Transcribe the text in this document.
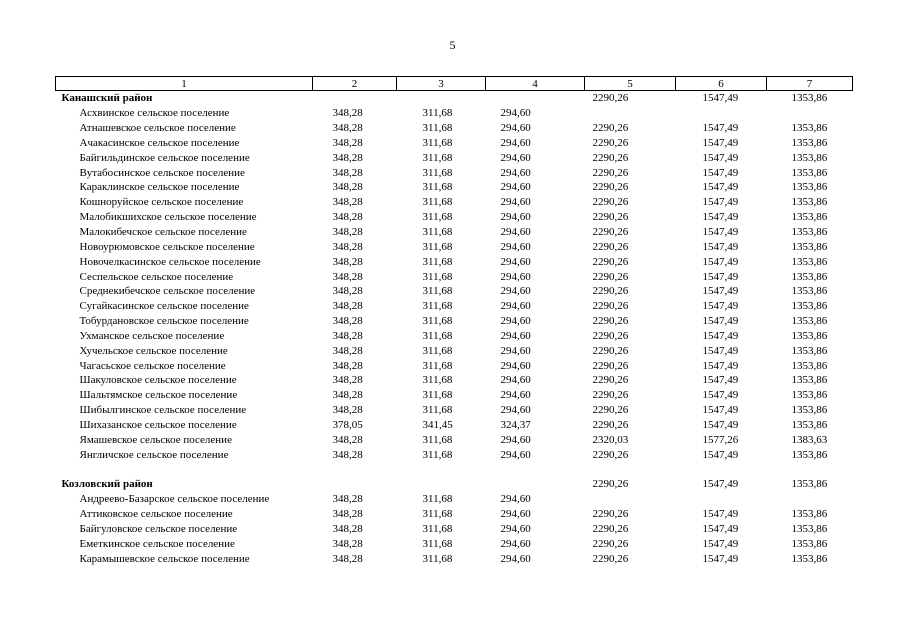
5
1	2	3	4	5	6	7
Канашский район				2290,26	1547,49	1353,86
Асхвинское сельское поселение	348,28	311,68	294,60			
Атнашевское сельское поселение	348,28	311,68	294,60	2290,26	1547,49	1353,86
Ачакасинское сельское поселение	348,28	311,68	294,60	2290,26	1547,49	1353,86
Байгильдинское сельское поселение	348,28	311,68	294,60	2290,26	1547,49	1353,86
Вутабосинское сельское поселение	348,28	311,68	294,60	2290,26	1547,49	1353,86
Караклинское сельское поселение	348,28	311,68	294,60	2290,26	1547,49	1353,86
Кошноруйское сельское поселение	348,28	311,68	294,60	2290,26	1547,49	1353,86
Малобикшихское сельское поселение	348,28	311,68	294,60	2290,26	1547,49	1353,86
Малокибечское сельское поселение	348,28	311,68	294,60	2290,26	1547,49	1353,86
Новоурюмовское сельское поселение	348,28	311,68	294,60	2290,26	1547,49	1353,86
Новочелкасинское сельское поселение	348,28	311,68	294,60	2290,26	1547,49	1353,86
Сеспельское сельское поселение	348,28	311,68	294,60	2290,26	1547,49	1353,86
Среднекибечское сельское поселение	348,28	311,68	294,60	2290,26	1547,49	1353,86
Сугайкасинское сельское поселение	348,28	311,68	294,60	2290,26	1547,49	1353,86
Тобурдановское сельское поселение	348,28	311,68	294,60	2290,26	1547,49	1353,86
Ухманское сельское поселение	348,28	311,68	294,60	2290,26	1547,49	1353,86
Хучельское сельское поселение	348,28	311,68	294,60	2290,26	1547,49	1353,86
Чагасьское сельское поселение	348,28	311,68	294,60	2290,26	1547,49	1353,86
Шакуловское сельское поселение	348,28	311,68	294,60	2290,26	1547,49	1353,86
Шальтямское сельское поселение	348,28	311,68	294,60	2290,26	1547,49	1353,86
Шибылгинское сельское поселение	348,28	311,68	294,60	2290,26	1547,49	1353,86
Шихазанское сельское поселение	378,05	341,45	324,37	2290,26	1547,49	1353,86
Ямашевское сельское поселение	348,28	311,68	294,60	2320,03	1577,26	1383,63
Янгличское сельское поселение	348,28	311,68	294,60	2290,26	1547,49	1353,86

Козловский район				2290,26	1547,49	1353,86
Андреево-Базарское сельское поселение	348,28	311,68	294,60			
Аттиковское сельское поселение	348,28	311,68	294,60	2290,26	1547,49	1353,86
Байгуловское сельское поселение	348,28	311,68	294,60	2290,26	1547,49	1353,86
Еметкинское сельское поселение	348,28	311,68	294,60	2290,26	1547,49	1353,86
Карамышевское сельское поселение	348,28	311,68	294,60	2290,26	1547,49	1353,86
